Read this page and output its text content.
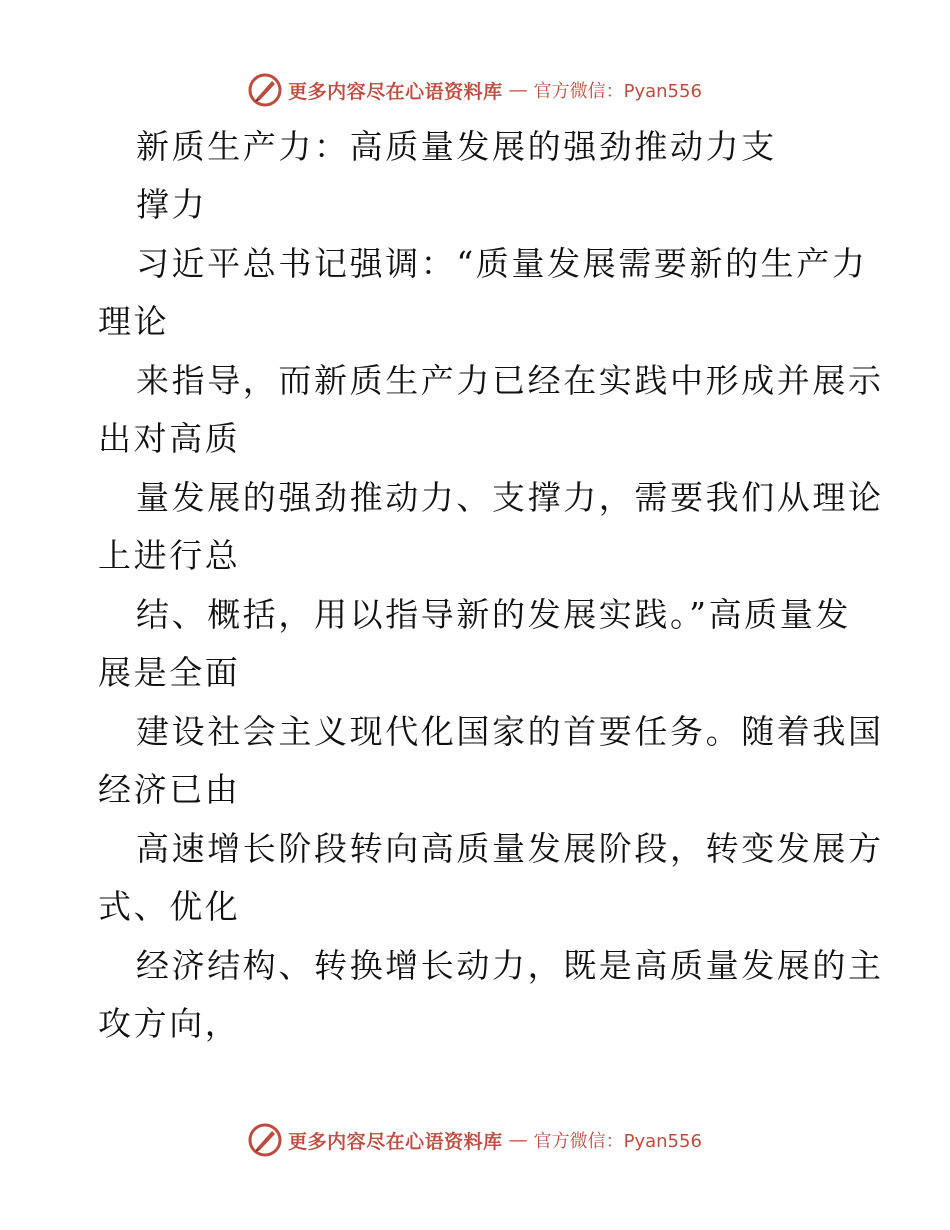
更多内容尽在心语资料库 — 官方微信：Pyan556
新质生产力：高质量发展的强劲推动力支
撑力
习近平总书记强调：“质量发展需要新的生产力
理论
来指导，而新质生产力已经在实践中形成并展示
出对高质
量发展的强劲推动力、支撑力，需要我们从理论
上进行总
结、概括，用以指导新的发展实践。”高质量发
展是全面
建设社会主义现代化国家的首要任务。随着我国
经济已由
高速增长阶段转向高质量发展阶段，转变发展方
式、优化
经济结构、转换增长动力，既是高质量发展的主
攻方向，
更多内容尽在心语资料库 — 官方微信：Pyan556
